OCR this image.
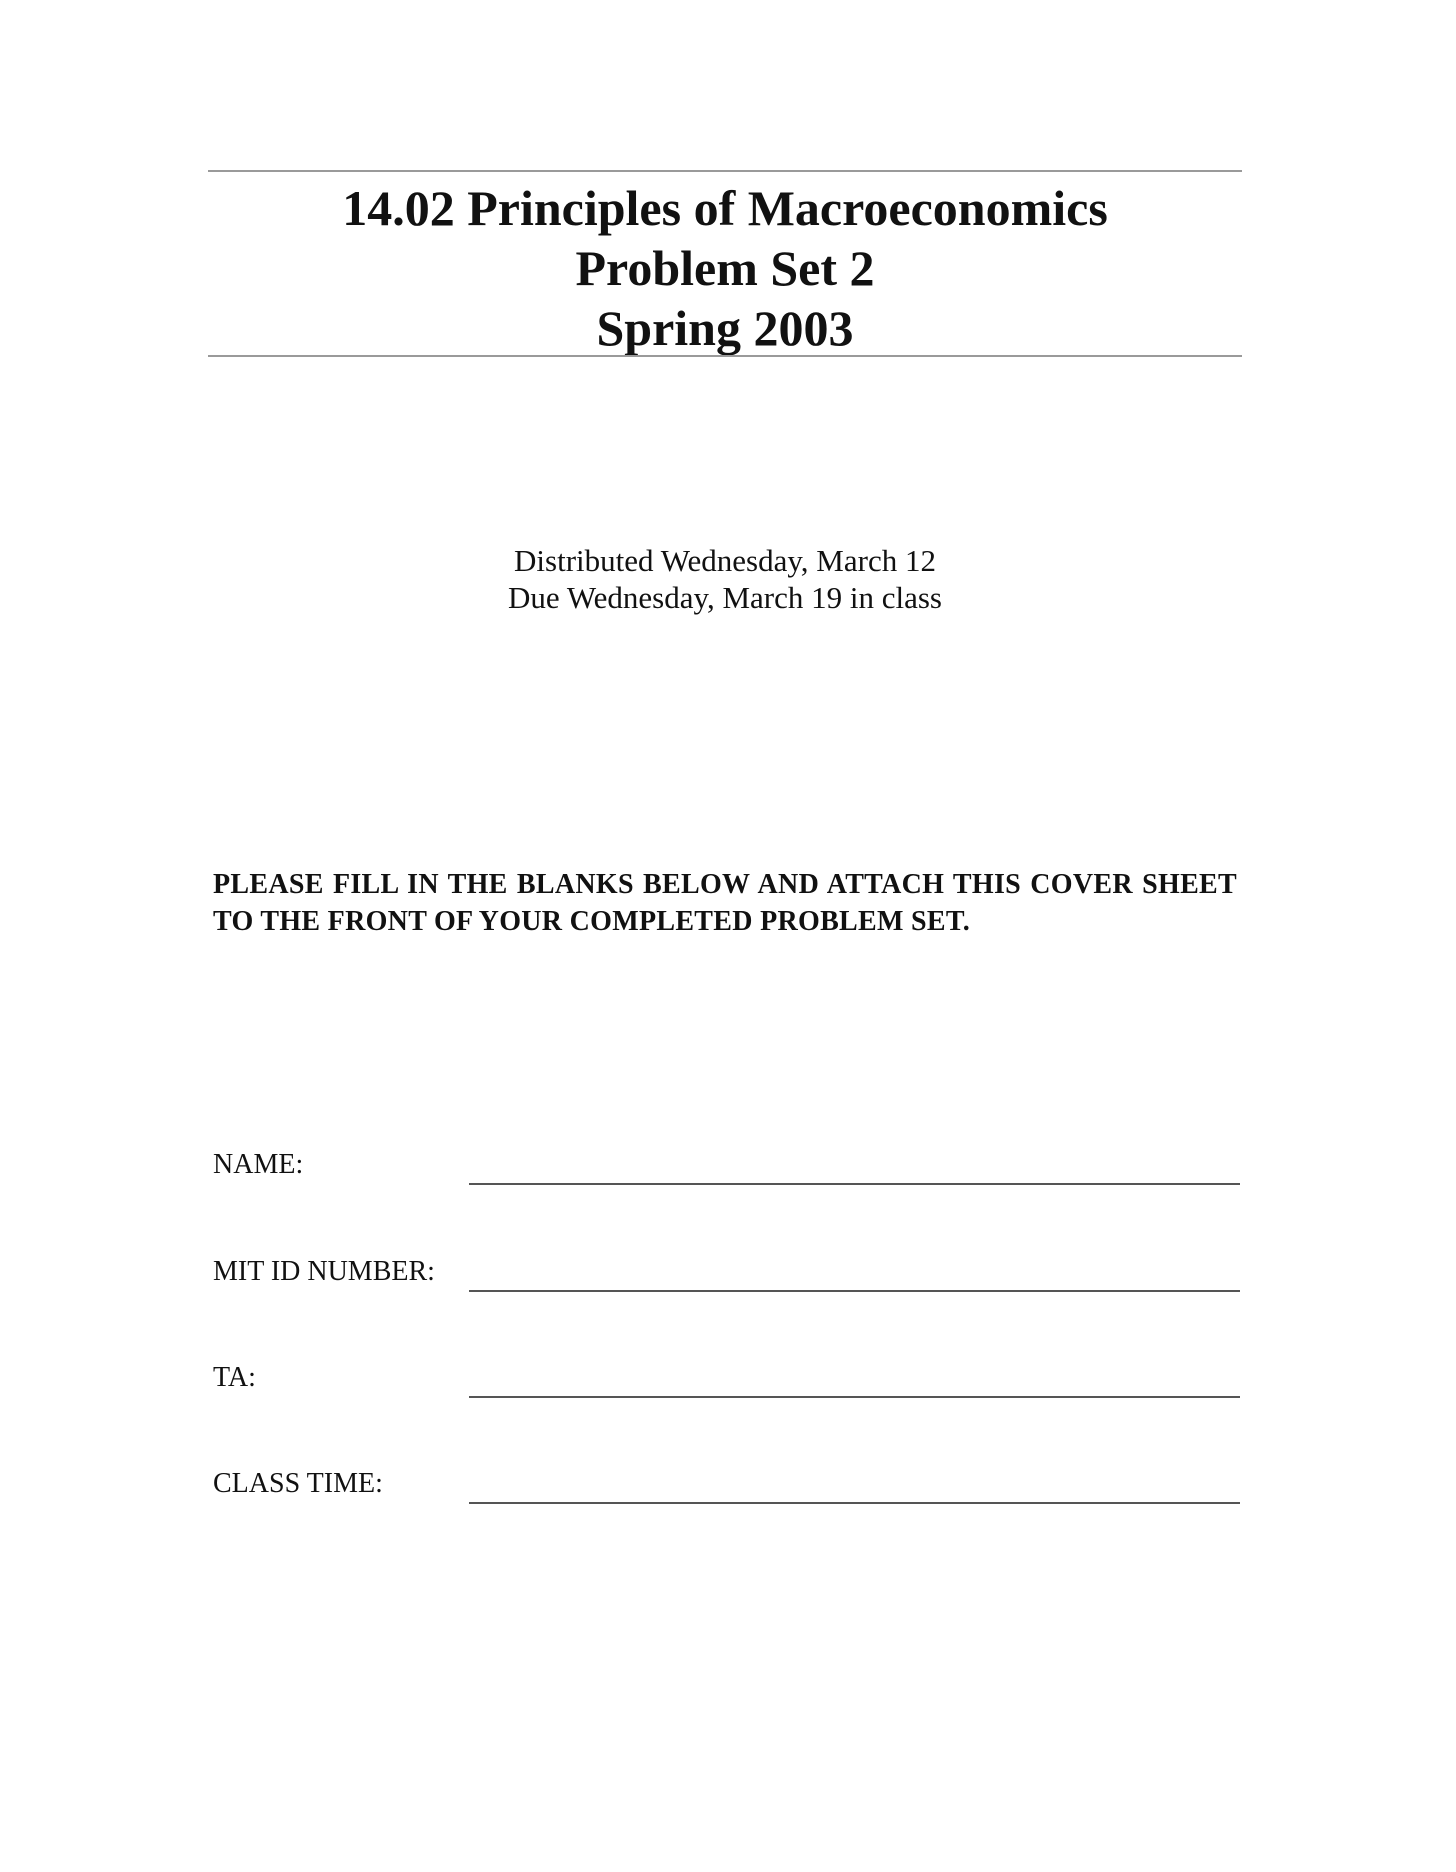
14.02 Principles of Macroeconomics
Problem Set 2
Spring 2003
Distributed Wednesday, March 12
Due Wednesday, March 19 in class
PLEASE FILL IN THE BLANKS BELOW AND ATTACH THIS COVER SHEET TO THE FRONT OF YOUR COMPLETED PROBLEM SET.
NAME:
MIT ID NUMBER:
TA:
CLASS TIME:
